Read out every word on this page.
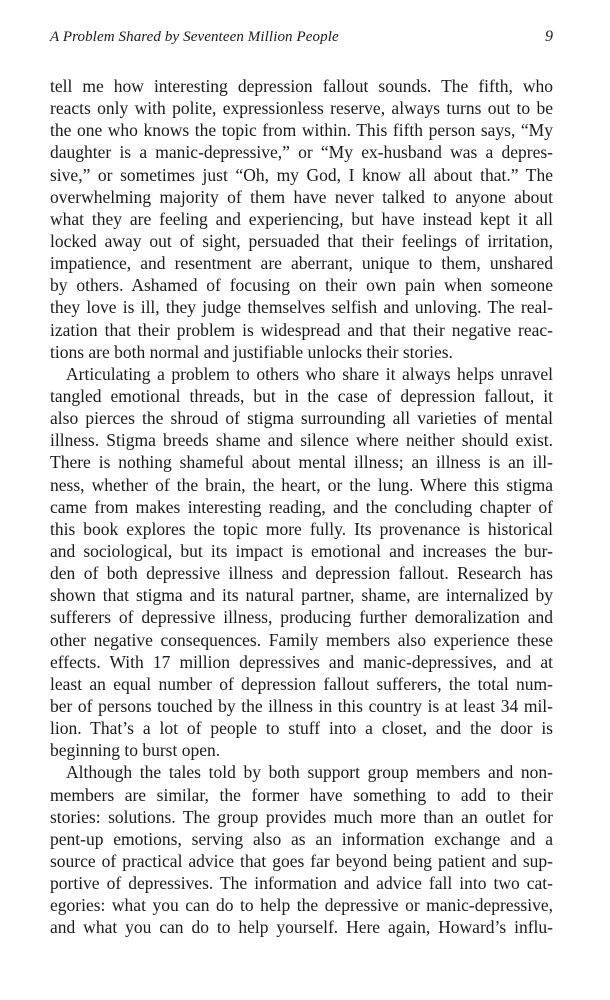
A Problem Shared by Seventeen Million People	9
tell me how interesting depression fallout sounds. The fifth, who
reacts only with polite, expressionless reserve, always turns out to be
the one who knows the topic from within. This fifth person says, “My
daughter is a manic-depressive,” or “My ex-husband was a depres-
sive,” or sometimes just “Oh, my God, I know all about that.” The
overwhelming majority of them have never talked to anyone about
what they are feeling and experiencing, but have instead kept it all
locked away out of sight, persuaded that their feelings of irritation,
impatience, and resentment are aberrant, unique to them, unshared
by others. Ashamed of focusing on their own pain when someone
they love is ill, they judge themselves selfish and unloving. The real-
ization that their problem is widespread and that their negative reac-
tions are both normal and justifiable unlocks their stories.
Articulating a problem to others who share it always helps unravel
tangled emotional threads, but in the case of depression fallout, it
also pierces the shroud of stigma surrounding all varieties of mental
illness. Stigma breeds shame and silence where neither should exist.
There is nothing shameful about mental illness; an illness is an ill-
ness, whether of the brain, the heart, or the lung. Where this stigma
came from makes interesting reading, and the concluding chapter of
this book explores the topic more fully. Its provenance is historical
and sociological, but its impact is emotional and increases the bur-
den of both depressive illness and depression fallout. Research has
shown that stigma and its natural partner, shame, are internalized by
sufferers of depressive illness, producing further demoralization and
other negative consequences. Family members also experience these
effects. With 17 million depressives and manic-depressives, and at
least an equal number of depression fallout sufferers, the total num-
ber of persons touched by the illness in this country is at least 34 mil-
lion. That’s a lot of people to stuff into a closet, and the door is
beginning to burst open.
Although the tales told by both support group members and non-
members are similar, the former have something to add to their
stories: solutions. The group provides much more than an outlet for
pent-up emotions, serving also as an information exchange and a
source of practical advice that goes far beyond being patient and sup-
portive of depressives. The information and advice fall into two cat-
egories: what you can do to help the depressive or manic-depressive,
and what you can do to help yourself. Here again, Howard’s influ-
